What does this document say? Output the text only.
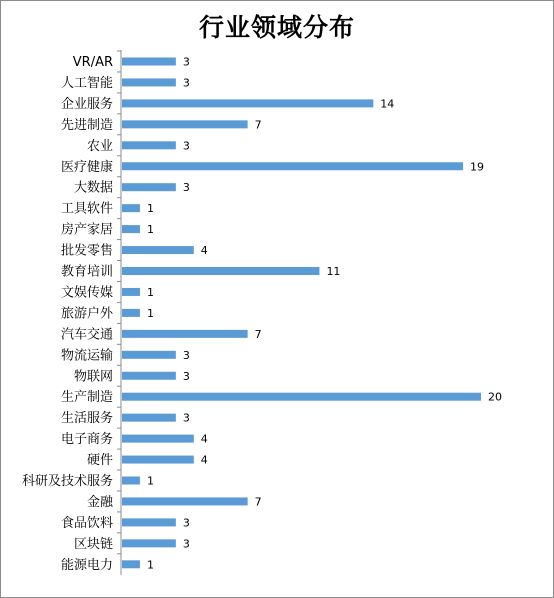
行业领域分布
VR/AR	3
人工智能	3
企业服务	14
先进制造	7
农业	3
医疗健康	19
大数据	3
工具软件	1
房产家居	1
批发零售	4
教育培训	11
文娱传媒	1
旅游户外	1
汽车交通	7
物流运输	3
物联网	3
生产制造	20
生活服务	3
电子商务	4
硬件	4
科研及技术服务	1
金融	7
食品饮料	3
区块链	3
能源电力	1
